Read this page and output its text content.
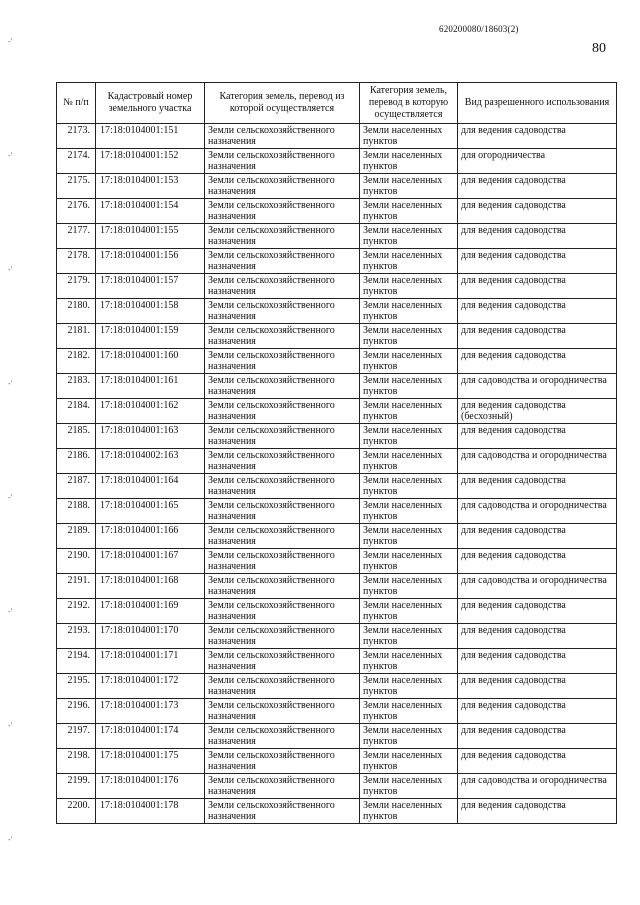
620200080/18603(2)
80
-'
-'
-'
-'
-'
-'
-'
-'
№ п/п	Кадастровый номер земельного участка	Категория земель, перевод из которой осуществляется	Категория земель, перевод в которую осуществляется	Вид разрешенного использования
2173.	17:18:0104001:151	Земли сельскохозяйственного назначения	Земли населенных пунктов	для ведения садоводства
2174.	17:18:0104001:152	Земли сельскохозяйственного назначения	Земли населенных пунктов	для огородничества
2175.	17:18:0104001:153	Земли сельскохозяйственного назначения	Земли населенных пунктов	для ведения садоводства
2176.	17:18:0104001:154	Земли сельскохозяйственного назначения	Земли населенных пунктов	для ведения садоводства
2177.	17:18:0104001:155	Земли сельскохозяйственного назначения	Земли населенных пунктов	для ведения садоводства
2178.	17:18:0104001:156	Земли сельскохозяйственного назначения	Земли населенных пунктов	для ведения садоводства
2179.	17:18:0104001:157	Земли сельскохозяйственного назначения	Земли населенных пунктов	для ведения садоводства
2180.	17:18:0104001:158	Земли сельскохозяйственного назначения	Земли населенных пунктов	для ведения садоводства
2181.	17:18:0104001:159	Земли сельскохозяйственного назначения	Земли населенных пунктов	для ведения садоводства
2182.	17:18:0104001:160	Земли сельскохозяйственного назначения	Земли населенных пунктов	для ведения садоводства
2183.	17:18:0104001:161	Земли сельскохозяйственного назначения	Земли населенных пунктов	для садоводства и огородничества
2184.	17:18:0104001:162	Земли сельскохозяйственного назначения	Земли населенных пунктов	для ведения садоводства (бесхозный)
2185.	17:18:0104001:163	Земли сельскохозяйственного назначения	Земли населенных пунктов	для ведения садоводства
2186.	17:18:0104002:163	Земли сельскохозяйственного назначения	Земли населенных пунктов	для садоводства и огородничества
2187.	17:18:0104001:164	Земли сельскохозяйственного назначения	Земли населенных пунктов	для ведения садоводства
2188.	17:18:0104001:165	Земли сельскохозяйственного назначения	Земли населенных пунктов	для садоводства и огородничества
2189.	17:18:0104001:166	Земли сельскохозяйственного назначения	Земли населенных пунктов	для ведения садоводства
2190.	17:18:0104001:167	Земли сельскохозяйственного назначения	Земли населенных пунктов	для ведения садоводства
2191.	17:18:0104001:168	Земли сельскохозяйственного назначения	Земли населенных пунктов	для садоводства и огородничества
2192.	17:18:0104001:169	Земли сельскохозяйственного назначения	Земли населенных пунктов	для ведения садоводства
2193.	17:18:0104001:170	Земли сельскохозяйственного назначения	Земли населенных пунктов	для ведения садоводства
2194.	17:18:0104001:171	Земли сельскохозяйственного назначения	Земли населенных пунктов	для ведения садоводства
2195.	17:18:0104001:172	Земли сельскохозяйственного назначения	Земли населенных пунктов	для ведения садоводства
2196.	17:18:0104001:173	Земли сельскохозяйственного назначения	Земли населенных пунктов	для ведения садоводства
2197.	17:18:0104001:174	Земли сельскохозяйственного назначения	Земли населенных пунктов	для ведения садоводства
2198.	17:18:0104001:175	Земли сельскохозяйственного назначения	Земли населенных пунктов	для ведения садоводства
2199.	17:18:0104001:176	Земли сельскохозяйственного назначения	Земли населенных пунктов	для садоводства и огородничества
2200.	17:18:0104001:178	Земли сельскохозяйственного назначения	Земли населенных пунктов	для ведения садоводства
